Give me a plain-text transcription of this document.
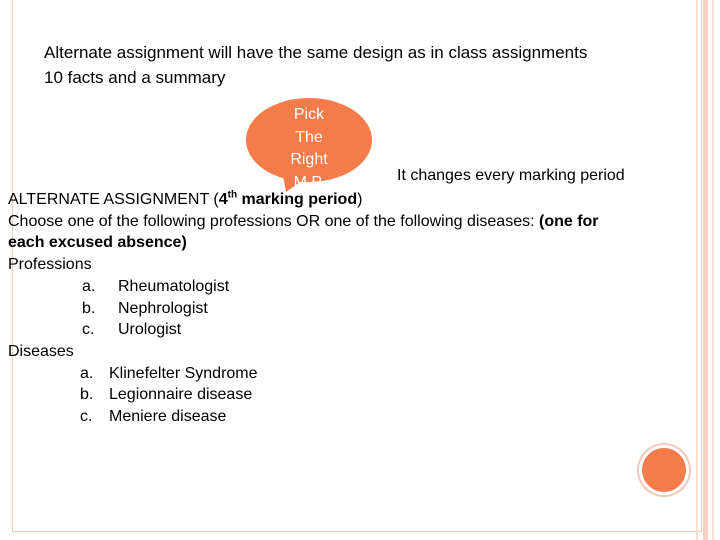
Alternate assignment will have the same design as in class assignments
10 facts and a summary
Pick
The
Right
M.P.	It changes every marking period
ALTERNATE ASSIGNMENT (4th marking period)
Choose one of the following professions OR one of the following diseases: (one for
each excused absence)
Professions
a. Rheumatologist
b. Nephrologist
c. Urologist
Diseases
a. Klinefelter Syndrome
b. Legionnaire disease
c. Meniere disease
